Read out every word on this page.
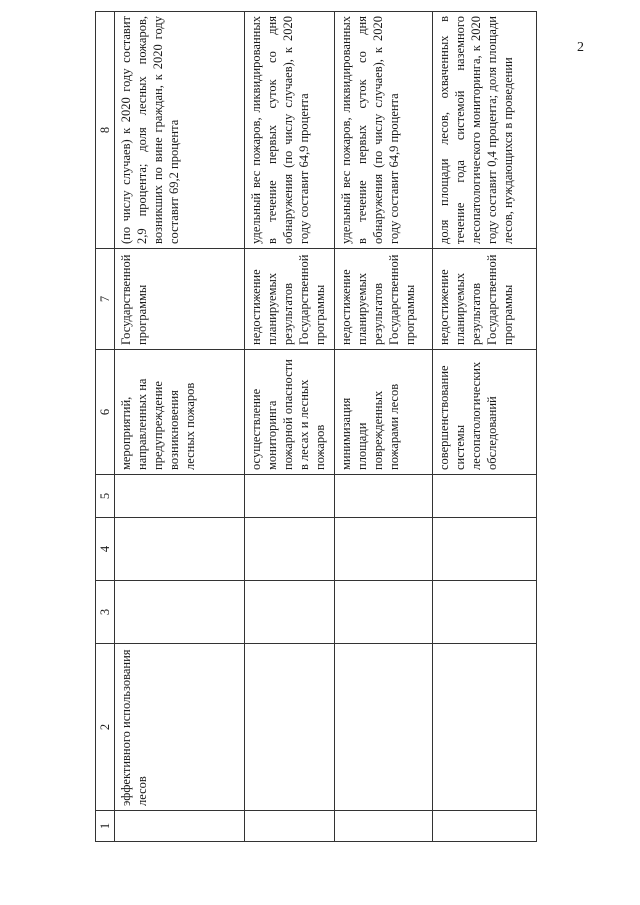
2
1	2	3	4	5	6	7	8
	эффективного использования лесов				мероприятий, направленных на предупреждение возникновения лесных пожаров	Государственной программы	(по числу случаев) к 2020 году составит 2,9 процента; доля лесных пожаров, возникших по вине граждан, к 2020 году составит 69,2 процента
					осуществление мониторинга пожарной опасности в лесах и лесных пожаров	недостижение планируемых результатов Государственной программы	удельный вес пожаров, ликвидированных в течение первых суток со дня обнаружения (по числу случаев), к 2020 году составит 64,9 процента
					минимизация площади поврежденных пожарами лесов	недостижение планируемых результатов Государственной программы	удельный вес пожаров, ликвидированных в течение первых суток со дня обнаружения (по числу случаев), к 2020 году составит 64,9 процента
					совершенствование системы лесопатологических обследований	недостижение планируемых результатов Государственной программы	доля площади лесов, охваченных в течение года системой наземного лесопатологического мониторинга, к 2020 году составит 0,4 процента; доля площади лесов, нуждающихся в проведении
